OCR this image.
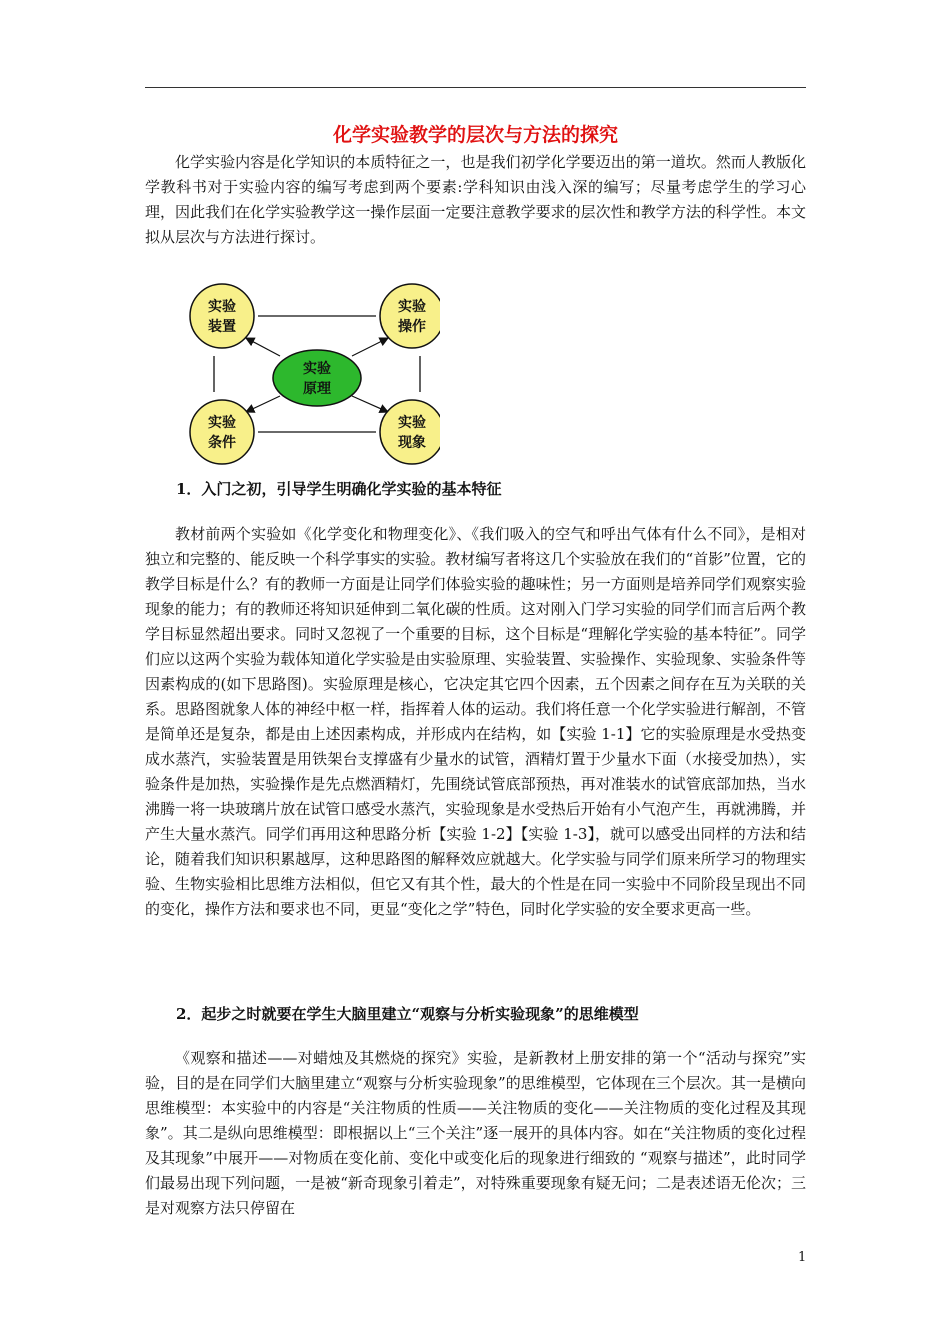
化学实验教学的层次与方法的探究

化学实验内容是化学知识的本质特征之一，也是我们初学化学要迈出的第一道坎。然而人教版化学教科书对于实验内容的编写考虑到两个要素:学科知识由浅入深的编写；尽量考虑学生的学习心理，因此我们在化学实验教学这一操作层面一定要注意教学要求的层次性和教学方法的科学性。本文拟从层次与方法进行探讨。

实验
装置
实验
操作
实验
原理
实验
条件
实验
现象
1．入门之初，引导学生明确化学实验的基本特征

教材前两个实验如《化学变化和物理变化》、《我们吸入的空气和呼出气体有什么不同》，是相对独立和完整的、能反映一个科学事实的实验。教材编写者将这几个实验放在我们的“首影”位置，它的教学目标是什么？有的教师一方面是让同学们体验实验的趣味性；另一方面则是培养同学们观察实验现象的能力；有的教师还将知识延伸到二氧化碳的性质。这对刚入门学习实验的同学们而言后两个教学目标显然超出要求。同时又忽视了一个重要的目标，这个目标是“理解化学实验的基本特征”。同学们应以这两个实验为载体知道化学实验是由实验原理、实验装置、实验操作、实验现象、实验条件等因素构成的(如下思路图)。实验原理是核心，它决定其它四个因素，五个因素之间存在互为关联的关系。思路图就象人体的神经中枢一样，指挥着人体的运动。我们将任意一个化学实验进行解剖，不管是简单还是复杂，都是由上述因素构成，并形成内在结构，如【实验 1-1】它的实验原理是水受热变成水蒸汽，实验装置是用铁架台支撑盛有少量水的试管，酒精灯置于少量水下面（水接受加热），实验条件是加热，实验操作是先点燃酒精灯，先围绕试管底部预热，再对准装水的试管底部加热，当水沸腾一将一块玻璃片放在试管口感受水蒸汽，实验现象是水受热后开始有小气泡产生，再就沸腾，并产生大量水蒸汽。同学们再用这种思路分析【实验 1-2】【实验 1-3】，就可以感受出同样的方法和结论，随着我们知识积累越厚，这种思路图的解释效应就越大。化学实验与同学们原来所学习的物理实验、生物实验相比思维方法相似，但它又有其个性，最大的个性是在同一实验中不同阶段呈现出不同的变化，操作方法和要求也不同，更显“变化之学”特色，同时化学实验的安全要求更高一些。

2．起步之时就要在学生大脑里建立“观察与分析实验现象”的思维模型

《观察和描述——对蜡烛及其燃烧的探究》实验，是新教材上册安排的第一个“活动与探究”实验，目的是在同学们大脑里建立“观察与分析实验现象”的思维模型，它体现在三个层次。其一是横向思维模型：本实验中的内容是“关注物质的性质——关注物质的变化——关注物质的变化过程及其现象”。其二是纵向思维模型：即根据以上“三个关注”逐一展开的具体内容。如在“关注物质的变化过程及其现象”中展开——对物质在变化前、变化中或变化后的现象进行细致的 “观察与描述”，此时同学们最易出现下列问题，一是被“新奇现象引着走”，对特殊重要现象有疑无问；二是表述语无伦次；三是对观察方法只停留在

1
